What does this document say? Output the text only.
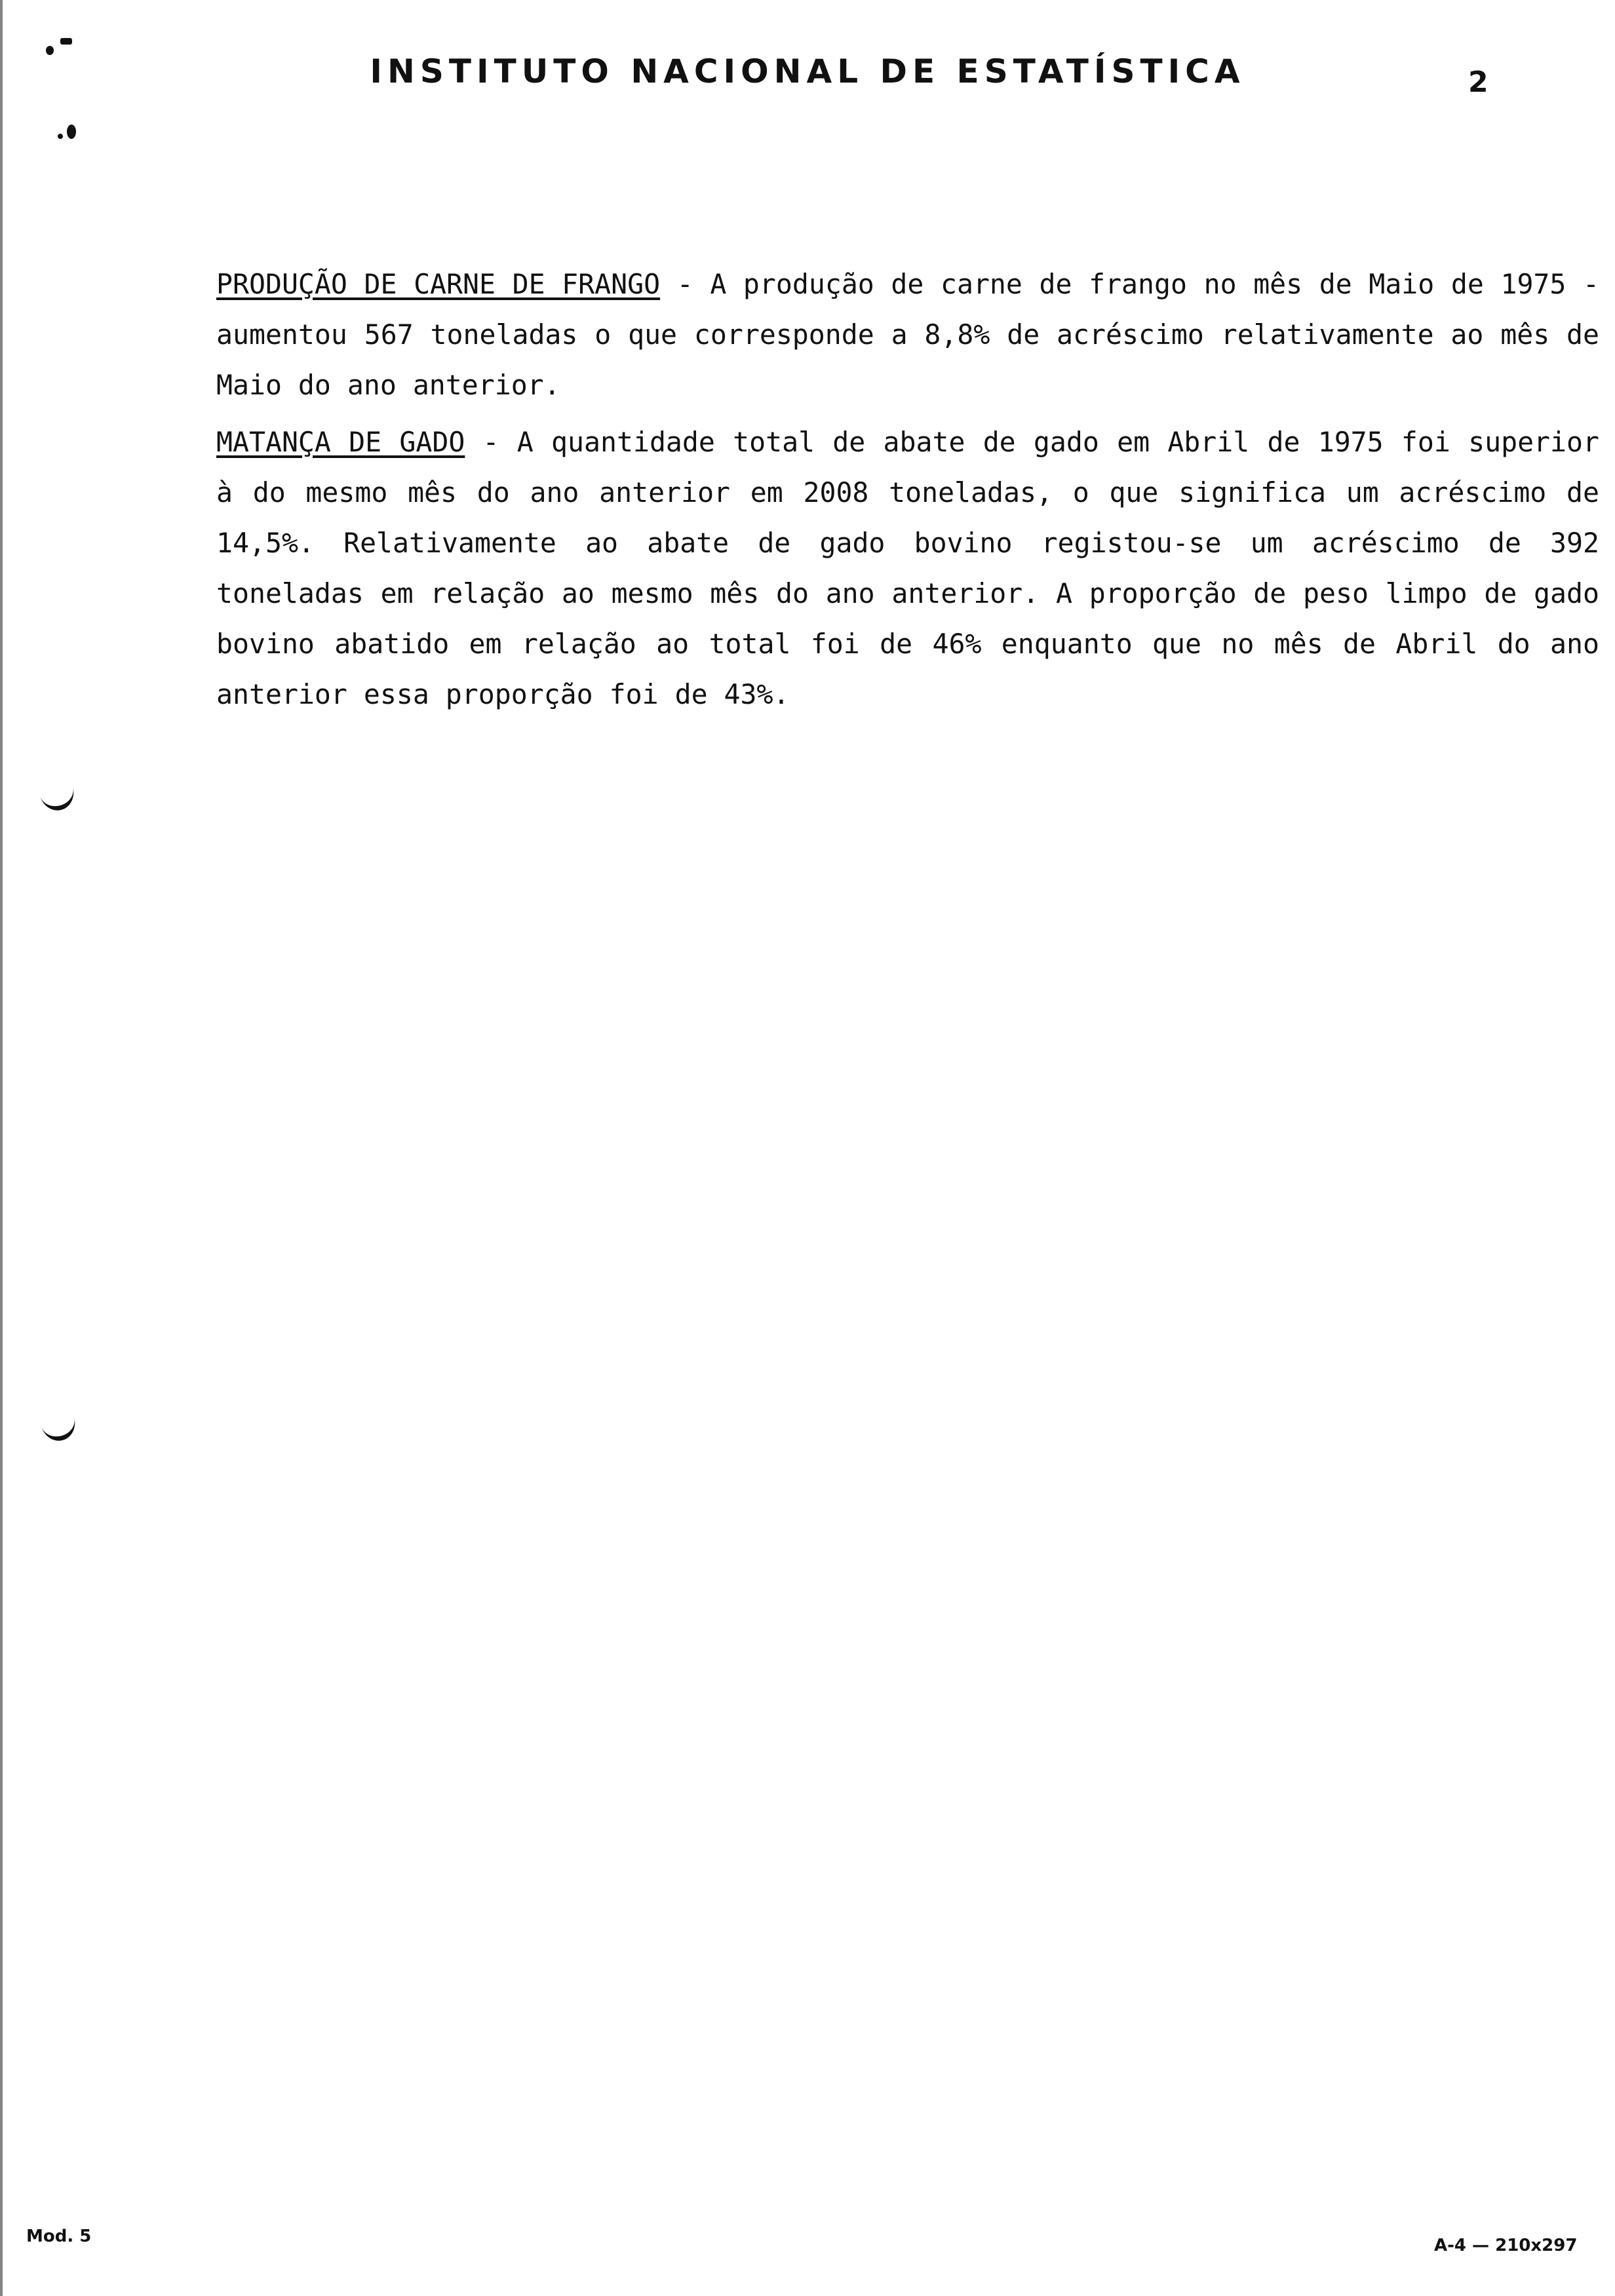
INSTITUTO NACIONAL DE ESTATÍSTICA	2

PRODUÇÃO DE CARNE DE FRANGO - A produção de carne de frango no mês de Maio de 1975 - aumentou 567 toneladas o que corresponde a 8,8% de acréscimo relativamente ao mês de Maio do ano anterior.

MATANÇA DE GADO - A quantidade total de abate de gado em Abril de 1975 foi superior à do mesmo mês do ano anterior em 2008 toneladas, o que significa um acréscimo de 14,5%. Relativamente ao abate de gado bovino registou-se um acréscimo de 392 toneladas em relação ao mesmo mês do ano anterior. A proporção de peso limpo de gado bovino abatido em relação ao total foi de 46% enquanto que no mês de Abril do ano anterior essa proporção foi de 43%.

Mod. 5	A-4 — 210x297
